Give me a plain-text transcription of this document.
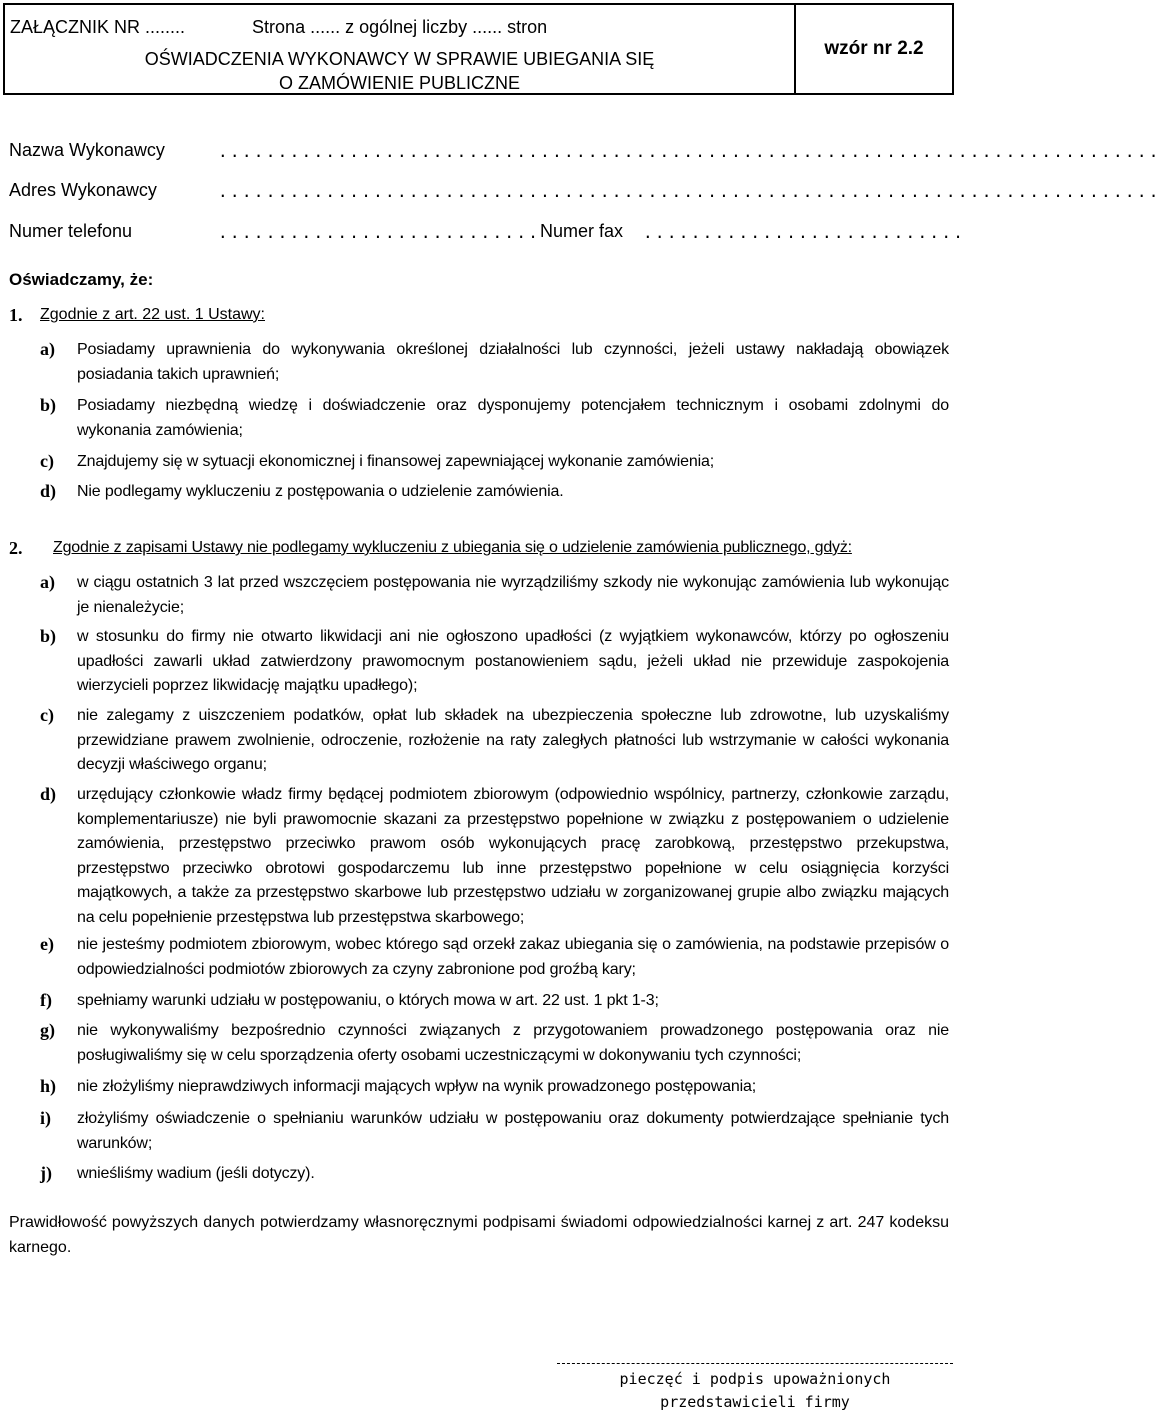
ZAŁĄCZNIK NR ........	Strona ...... z ogólnej liczby ...... stron
OŚWIADCZENIA WYKONAWCY W SPRAWIE UBIEGANIA SIĘ
O ZAMÓWIENIE PUBLICZNE
wzór nr 2.2
Nazwa Wykonawcy	...............................................................................
Adres Wykonawcy	...............................................................................
Numer telefonu	........................... Numer fax ...........................
Oświadczamy, że:
1. Zgodnie z art. 22 ust. 1 Ustawy:
a) Posiadamy uprawnienia do wykonywania określonej działalności lub czynności, jeżeli ustawy nakładają obowiązek posiadania takich uprawnień;
b) Posiadamy niezbędną wiedzę i doświadczenie oraz dysponujemy potencjałem technicznym i osobami zdolnymi do wykonania zamówienia;
c) Znajdujemy się w sytuacji ekonomicznej i finansowej zapewniającej wykonanie zamówienia;
d) Nie podlegamy wykluczeniu z postępowania o udzielenie zamówienia.
2. Zgodnie z zapisami Ustawy nie podlegamy wykluczeniu z ubiegania się o udzielenie zamówienia publicznego, gdyż:
a) w ciągu ostatnich 3 lat przed wszczęciem postępowania nie wyrządziliśmy szkody nie wykonując zamówienia lub wykonując je nienależycie;
b) w stosunku do firmy nie otwarto likwidacji ani nie ogłoszono upadłości (z wyjątkiem wykonawców, którzy po ogłoszeniu upadłości zawarli układ zatwierdzony prawomocnym postanowieniem sądu, jeżeli układ nie przewiduje zaspokojenia wierzycieli poprzez likwidację majątku upadłego);
c) nie zalegamy z uiszczeniem podatków, opłat lub składek na ubezpieczenia społeczne lub zdrowotne, lub uzyskaliśmy przewidziane prawem zwolnienie, odroczenie, rozłożenie na raty zaległych płatności lub wstrzymanie w całości wykonania decyzji właściwego organu;
d) urzędujący członkowie władz firmy będącej podmiotem zbiorowym (odpowiednio wspólnicy, partnerzy, członkowie zarządu, komplementariusze) nie byli prawomocnie skazani za przestępstwo popełnione w związku z postępowaniem o udzielenie zamówienia, przestępstwo przeciwko prawom osób wykonujących pracę zarobkową, przestępstwo przekupstwa, przestępstwo przeciwko obrotowi gospodarczemu lub inne przestępstwo popełnione w celu osiągnięcia korzyści majątkowych, a także za przestępstwo skarbowe lub przestępstwo udziału w zorganizowanej grupie albo związku mających na celu popełnienie przestępstwa lub przestępstwa skarbowego;
e) nie jesteśmy podmiotem zbiorowym, wobec którego sąd orzekł zakaz ubiegania się o zamówienia, na podstawie przepisów o odpowiedzialności podmiotów zbiorowych za czyny zabronione pod groźbą kary;
f) spełniamy warunki udziału w postępowaniu, o których mowa w art. 22 ust. 1 pkt 1-3;
g) nie wykonywaliśmy bezpośrednio czynności związanych z przygotowaniem prowadzonego postępowania oraz nie posługiwaliśmy się w celu sporządzenia oferty osobami uczestniczącymi w dokonywaniu tych czynności;
h) nie złożyliśmy nieprawdziwych informacji mających wpływ na wynik prowadzonego postępowania;
i) złożyliśmy oświadczenie o spełnianiu warunków udziału w postępowaniu oraz dokumenty potwierdzające spełnianie tych warunków;
j) wnieśliśmy wadium (jeśli dotyczy).
Prawidłowość powyższych danych potwierdzamy własnoręcznymi podpisami świadomi odpowiedzialności karnej z art. 247 kodeksu karnego.
pieczęć i podpis upoważnionych
przedstawicieli firmy
